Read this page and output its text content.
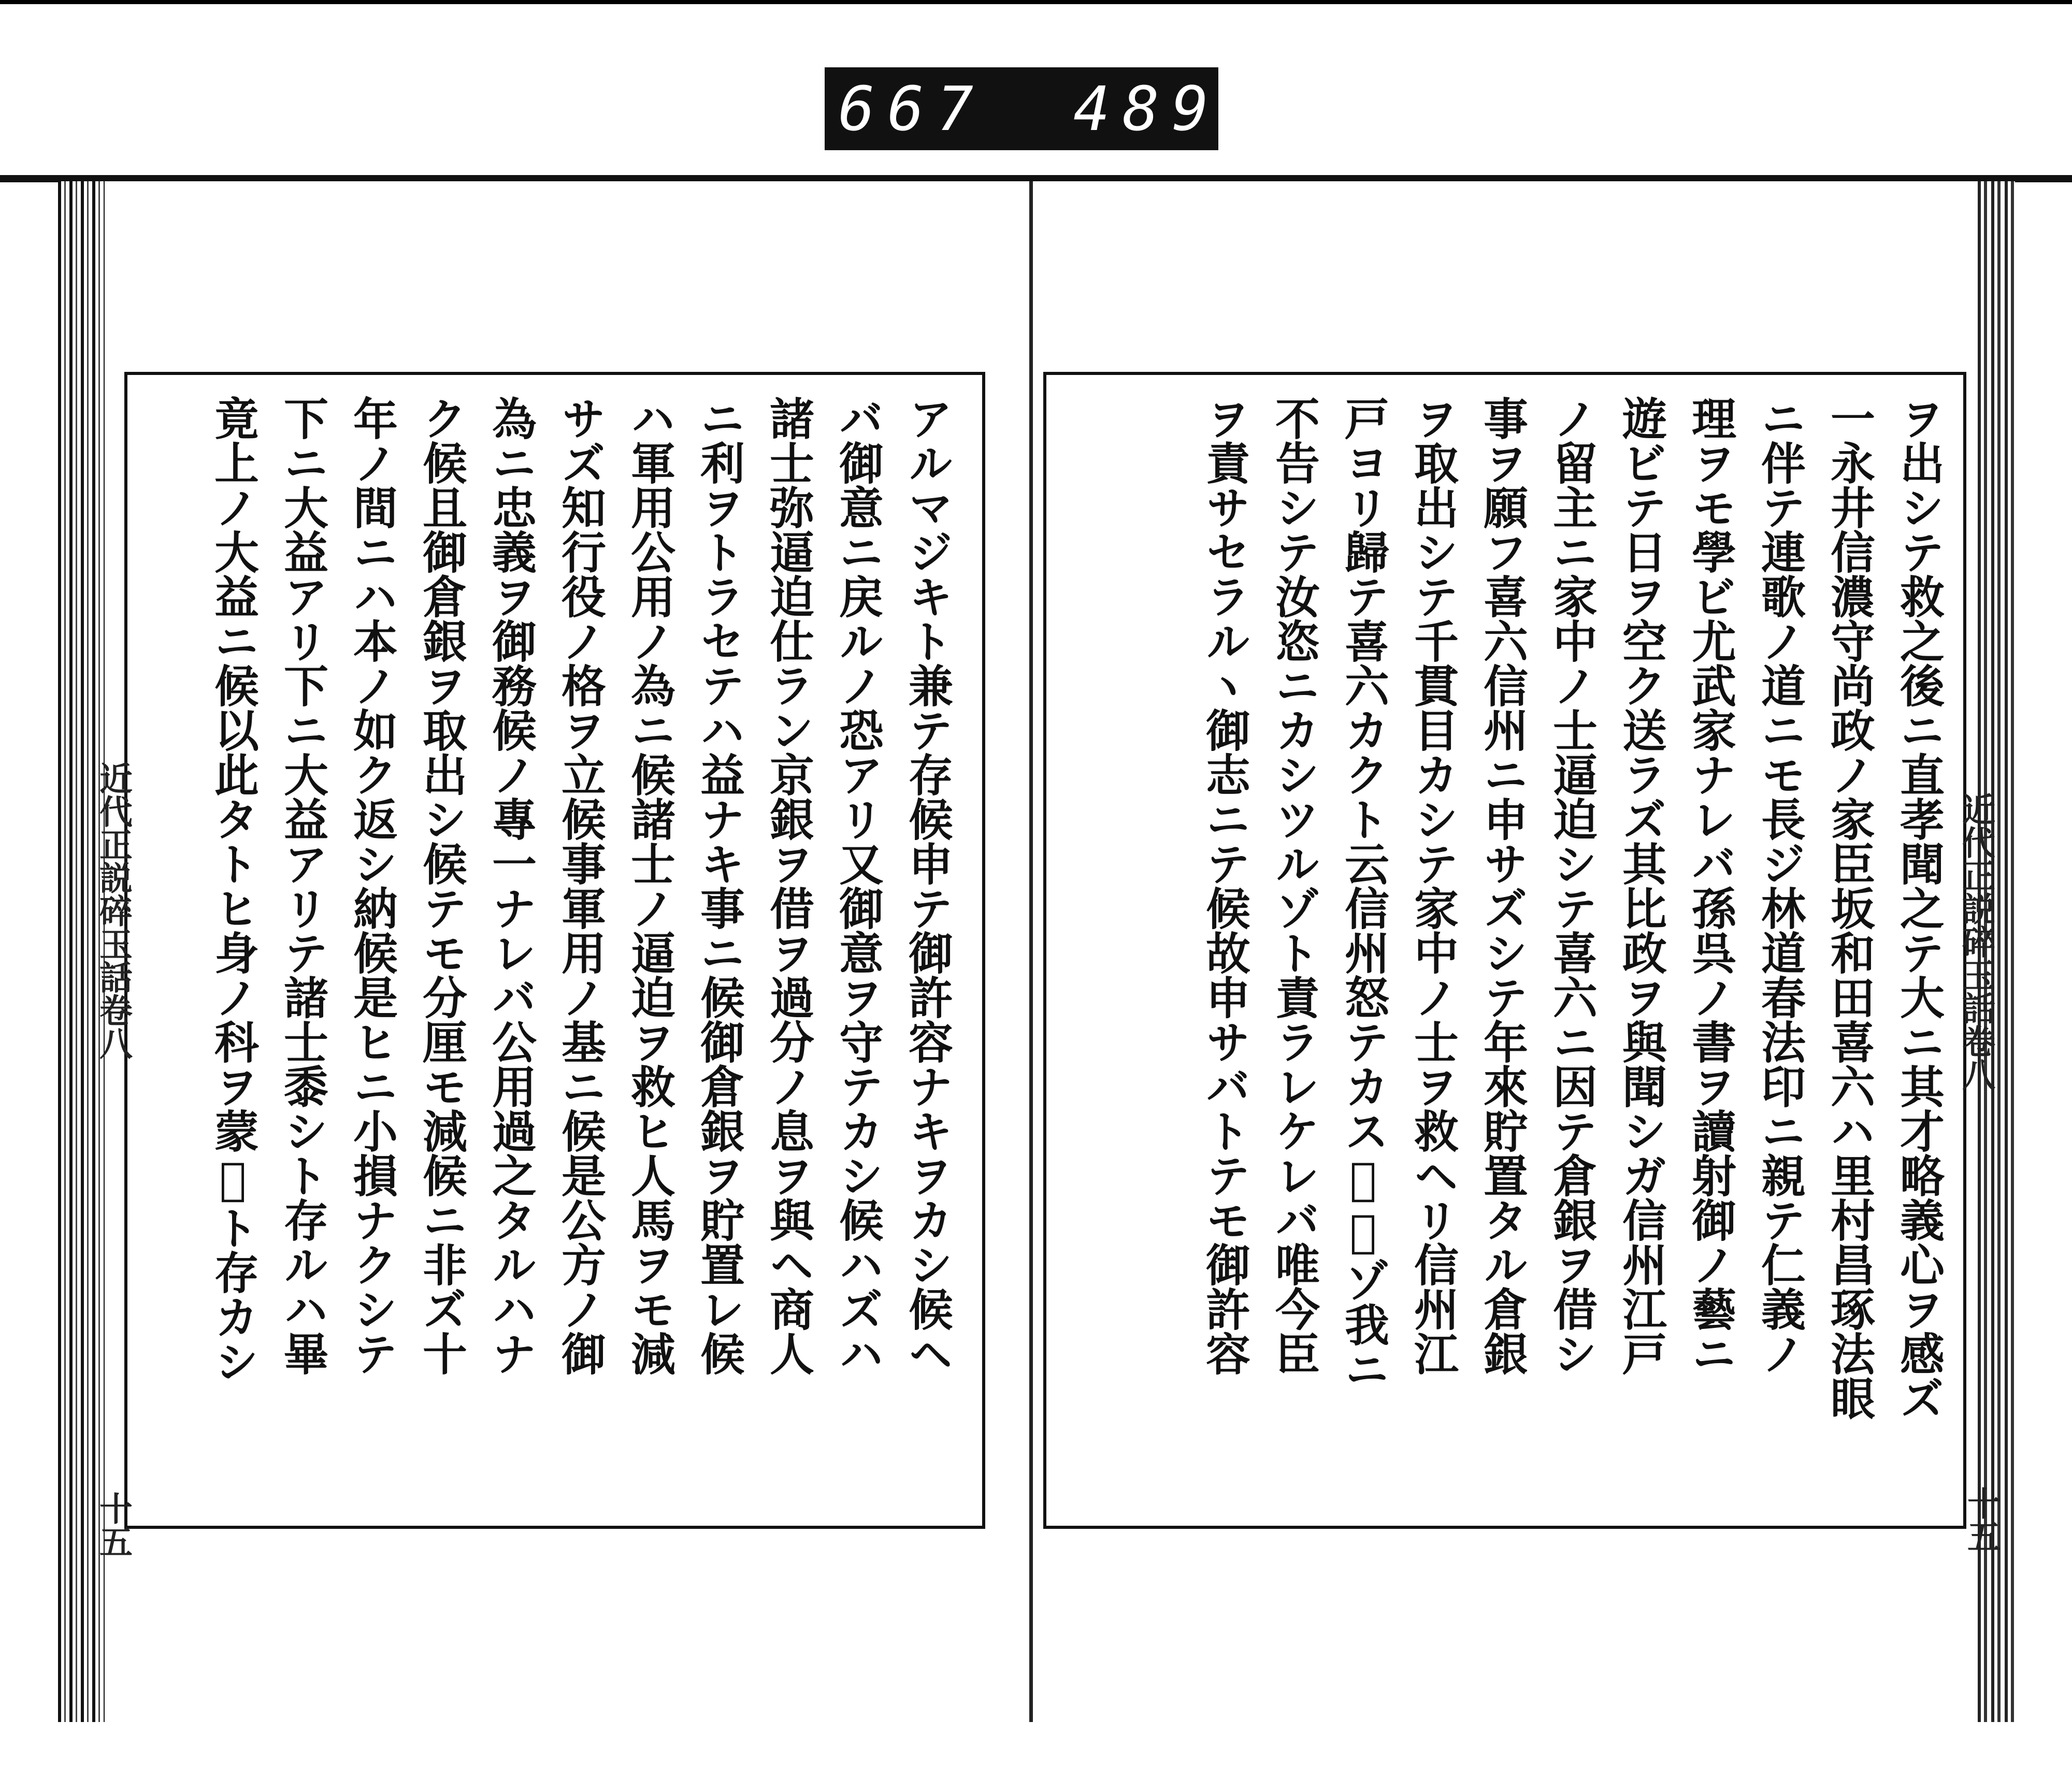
667 489.
アルマジキト兼テ存候申テ御許容ナキヲカシ候ヘ
バ御意ニ戻ルノ恐アリ又御意ヲ守テカシ候ハズハ
諸士弥逼迫仕ラン京銀ヲ借ヲ過分ノ息ヲ與ヘ商人
ニ利ヲトラセテハ益ナキ事ニ候御倉銀ヲ貯置レ候
ハ軍用公用ノ為ニ候諸士ノ逼迫ヲ救ヒ人馬ヲモ減
サズ知行役ノ格ヲ立候事軍用ノ基ニ候是公方ノ御
為ニ忠義ヲ御務候ノ專一ナレバ公用過之タルハナ
ク候且御倉銀ヲ取出シ候テモ分厘モ減候ニ非ズ十
年ノ間ニハ本ノ如ク返シ納候是ヒニ小損ナクシテ
下ニ大益アリ下ニ大益アリテ諸士黍シト存ルハ畢
竟上ノ大益ニ候以此タトヒ身ノ科ヲ蒙𪜈ト存カシ
近代正説碎玉話卷八
十五
ヲ出シテ救之後ニ直孝聞之テ大ニ其才略義心ヲ感ズ
一永井信濃守尚政ノ家臣坂和田喜六ハ里村昌琢法眼
ニ伴テ連歌ノ道ニモ長ジ林道春法印ニ親テ仁義ノ
理ヲモ學ビ尤武家ナレバ孫呉ノ書ヲ讀射御ノ藝ニ
遊ビテ日ヲ空ク送ラズ其比政ヲ與聞シガ信州江戸
ノ留主ニ家中ノ士逼迫シテ喜六ニ因テ倉銀ヲ借シ
事ヲ願フ喜六信州ニ申サズシテ年來貯置タル倉銀
ヲ取出シテ千貫目カシテ家中ノ士ヲ救ヘリ信州江
戸ヨリ歸テ喜六カクト云信州怒テカス𪜈何ゾ我ニ
不告シテ汝恣ニカシツルゾト責ラレケレバ唯今臣
ヲ責サセラルヽ御志ニテ候故申サバトテモ御許容	近代正説碎玉話卷八
十五
